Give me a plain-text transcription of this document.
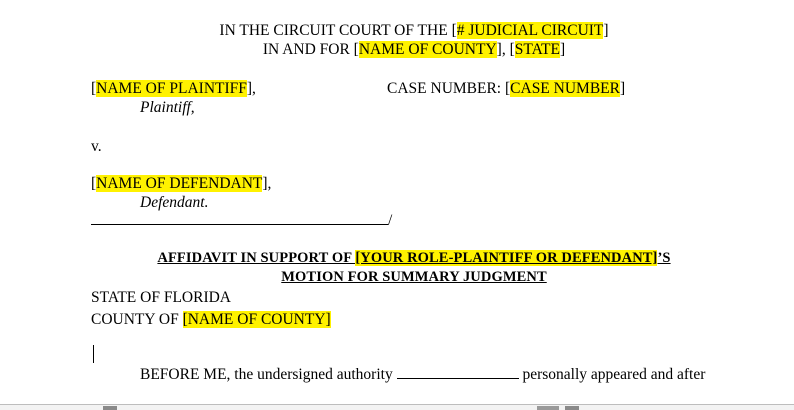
IN THE CIRCUIT COURT OF THE [# JUDICIAL CIRCUIT]
IN AND FOR [NAME OF COUNTY], [STATE]
[NAME OF PLAINTIFF],
Plaintiff,
CASE NUMBER: [CASE NUMBER]
v.
[NAME OF DEFENDANT],
Defendant.
/
AFFIDAVIT IN SUPPORT OF [YOUR ROLE-PLAINTIFF OR DEFENDANT]’S
MOTION FOR SUMMARY JUDGMENT
STATE OF FLORIDA
COUNTY OF [NAME OF COUNTY]
BEFORE ME, the undersigned authority	personally appeared and after
